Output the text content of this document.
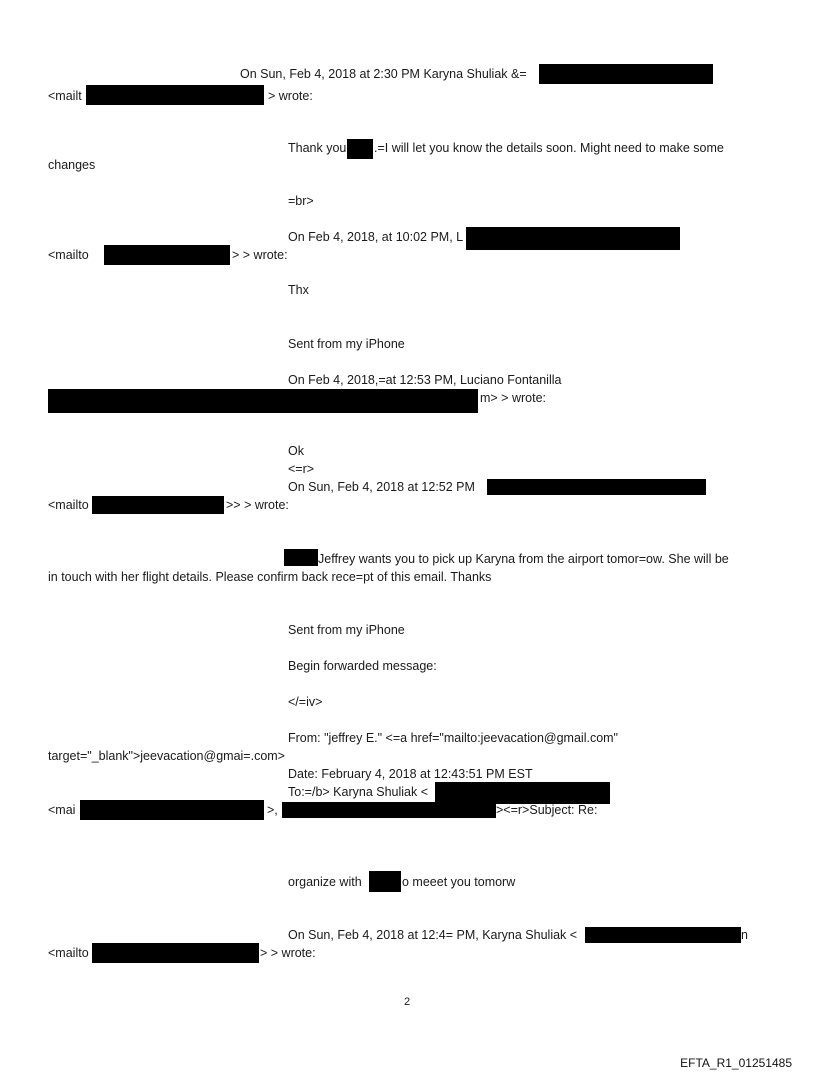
On Sun, Feb 4, 2018 at 2:30 PM Karyna Shuliak &=

<mailt	> wrote:

Thank you .=I will let you know the details soon. Might need to make some

changes

=br>

On Feb 4, 2018, at 10:02 PM, L

<mailto	> > wrote:

Thx

Sent from my iPhone

On Feb 4, 2018,=at 12:53 PM, Luciano Fontanilla

m> > wrote:

Ok

<=r>

On Sun, Feb 4, 2018 at 12:52 PM

<mailto	>> > wrote:

Jeffrey wants you to pick up Karyna from the airport tomor=ow. She will be

in touch with her flight details. Please confirm back rece=pt of this email. Thanks

Sent from my iPhone

Begin forwarded message:

</=iv>

From: "jeffrey E." <=a href="mailto:jeevacation@gmail.com"

target="_blank">jeevacation@gmai=.com>

Date: February 4, 2018 at 12:43:51 PM EST

To:=/b> Karyna Shuliak <

<mai	>,	><=r>Subject: Re:

organize with	o meeet you tomorw

On Sun, Feb 4, 2018 at 12:4= PM, Karyna Shuliak <	n

<mailto	> > wrote:

2

EFTA_R1_01251485
